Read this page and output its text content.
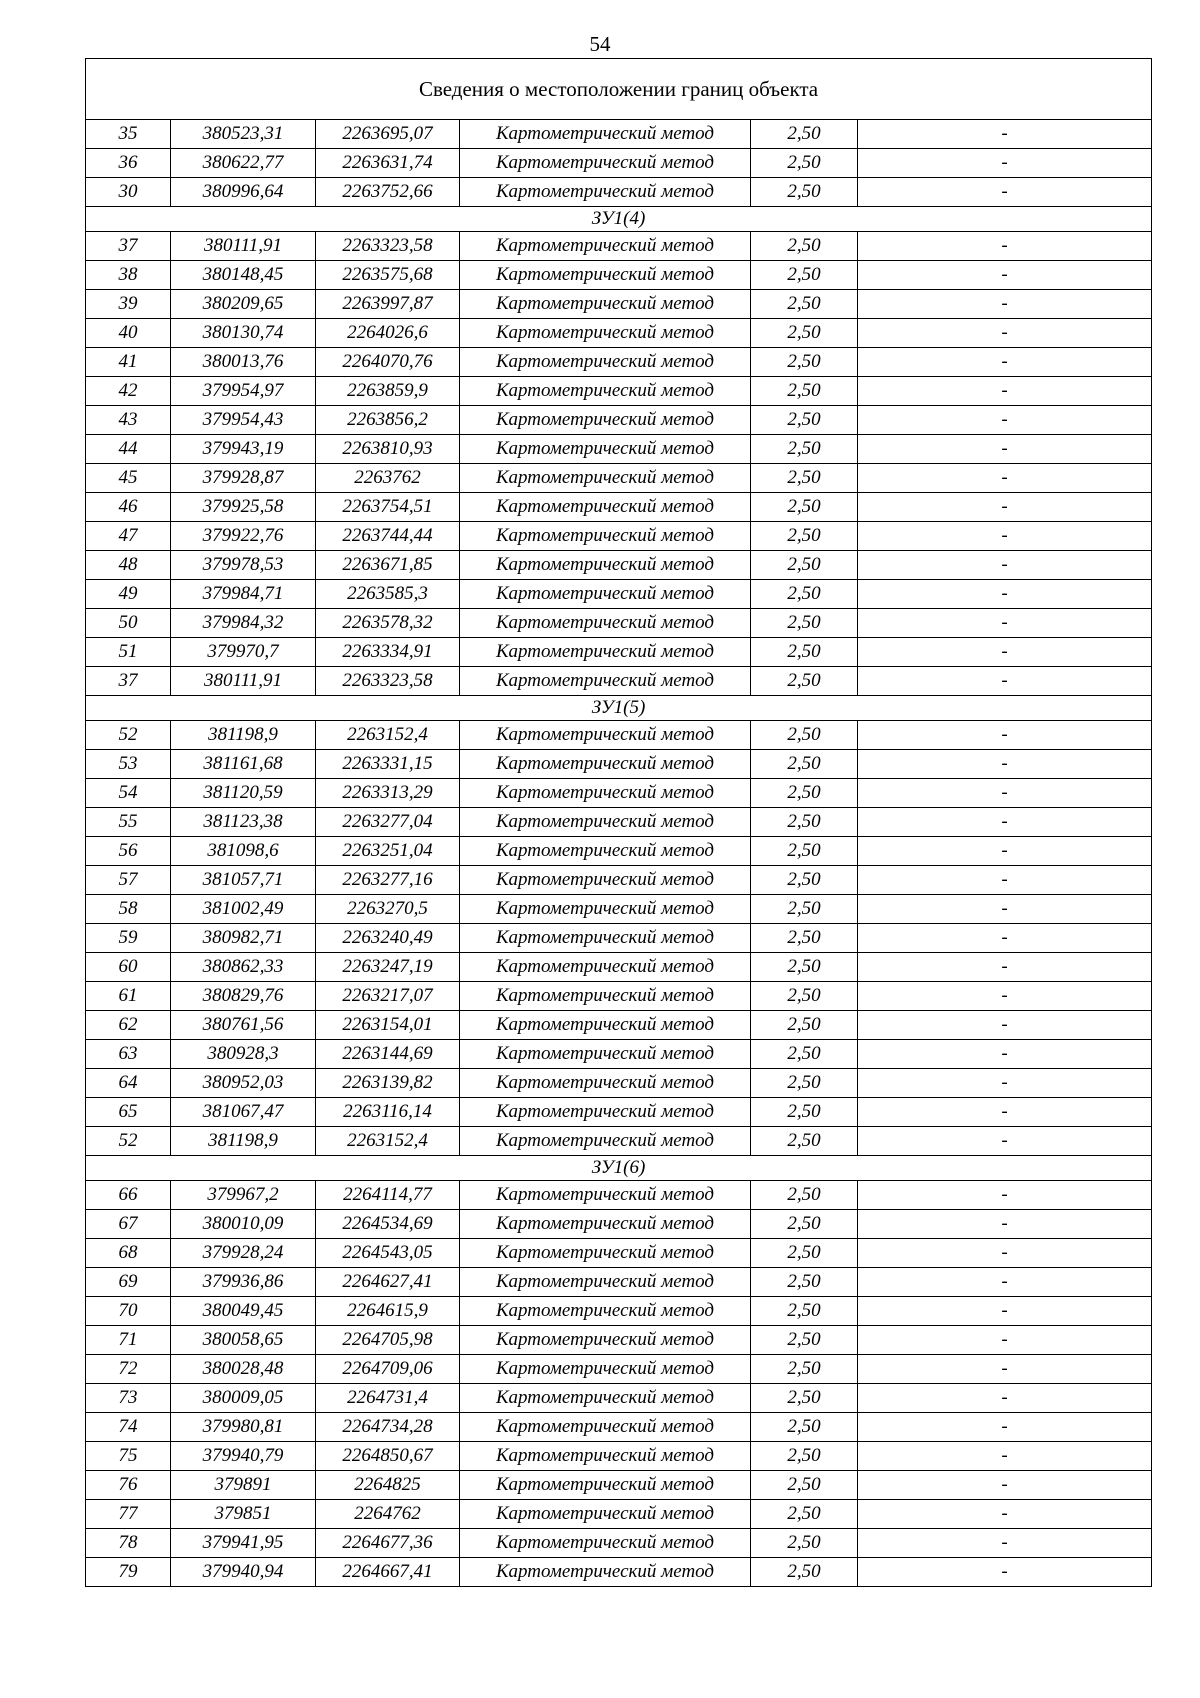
54
Сведения о местоположении границ объекта					
35	380523,31	2263695,07	Картометрический метод	2,50	-
36	380622,77	2263631,74	Картометрический метод	2,50	-
30	380996,64	2263752,66	Картометрический метод	2,50	-
ЗУ1(4)					
37	380111,91	2263323,58	Картометрический метод	2,50	-
38	380148,45	2263575,68	Картометрический метод	2,50	-
39	380209,65	2263997,87	Картометрический метод	2,50	-
40	380130,74	2264026,6	Картометрический метод	2,50	-
41	380013,76	2264070,76	Картометрический метод	2,50	-
42	379954,97	2263859,9	Картометрический метод	2,50	-
43	379954,43	2263856,2	Картометрический метод	2,50	-
44	379943,19	2263810,93	Картометрический метод	2,50	-
45	379928,87	2263762	Картометрический метод	2,50	-
46	379925,58	2263754,51	Картометрический метод	2,50	-
47	379922,76	2263744,44	Картометрический метод	2,50	-
48	379978,53	2263671,85	Картометрический метод	2,50	-
49	379984,71	2263585,3	Картометрический метод	2,50	-
50	379984,32	2263578,32	Картометрический метод	2,50	-
51	379970,7	2263334,91	Картометрический метод	2,50	-
37	380111,91	2263323,58	Картометрический метод	2,50	-
ЗУ1(5)					
52	381198,9	2263152,4	Картометрический метод	2,50	-
53	381161,68	2263331,15	Картометрический метод	2,50	-
54	381120,59	2263313,29	Картометрический метод	2,50	-
55	381123,38	2263277,04	Картометрический метод	2,50	-
56	381098,6	2263251,04	Картометрический метод	2,50	-
57	381057,71	2263277,16	Картометрический метод	2,50	-
58	381002,49	2263270,5	Картометрический метод	2,50	-
59	380982,71	2263240,49	Картометрический метод	2,50	-
60	380862,33	2263247,19	Картометрический метод	2,50	-
61	380829,76	2263217,07	Картометрический метод	2,50	-
62	380761,56	2263154,01	Картометрический метод	2,50	-
63	380928,3	2263144,69	Картометрический метод	2,50	-
64	380952,03	2263139,82	Картометрический метод	2,50	-
65	381067,47	2263116,14	Картометрический метод	2,50	-
52	381198,9	2263152,4	Картометрический метод	2,50	-
ЗУ1(6)					
66	379967,2	2264114,77	Картометрический метод	2,50	-
67	380010,09	2264534,69	Картометрический метод	2,50	-
68	379928,24	2264543,05	Картометрический метод	2,50	-
69	379936,86	2264627,41	Картометрический метод	2,50	-
70	380049,45	2264615,9	Картометрический метод	2,50	-
71	380058,65	2264705,98	Картометрический метод	2,50	-
72	380028,48	2264709,06	Картометрический метод	2,50	-
73	380009,05	2264731,4	Картометрический метод	2,50	-
74	379980,81	2264734,28	Картометрический метод	2,50	-
75	379940,79	2264850,67	Картометрический метод	2,50	-
76	379891	2264825	Картометрический метод	2,50	-
77	379851	2264762	Картометрический метод	2,50	-
78	379941,95	2264677,36	Картометрический метод	2,50	-
79	379940,94	2264667,41	Картометрический метод	2,50	-
